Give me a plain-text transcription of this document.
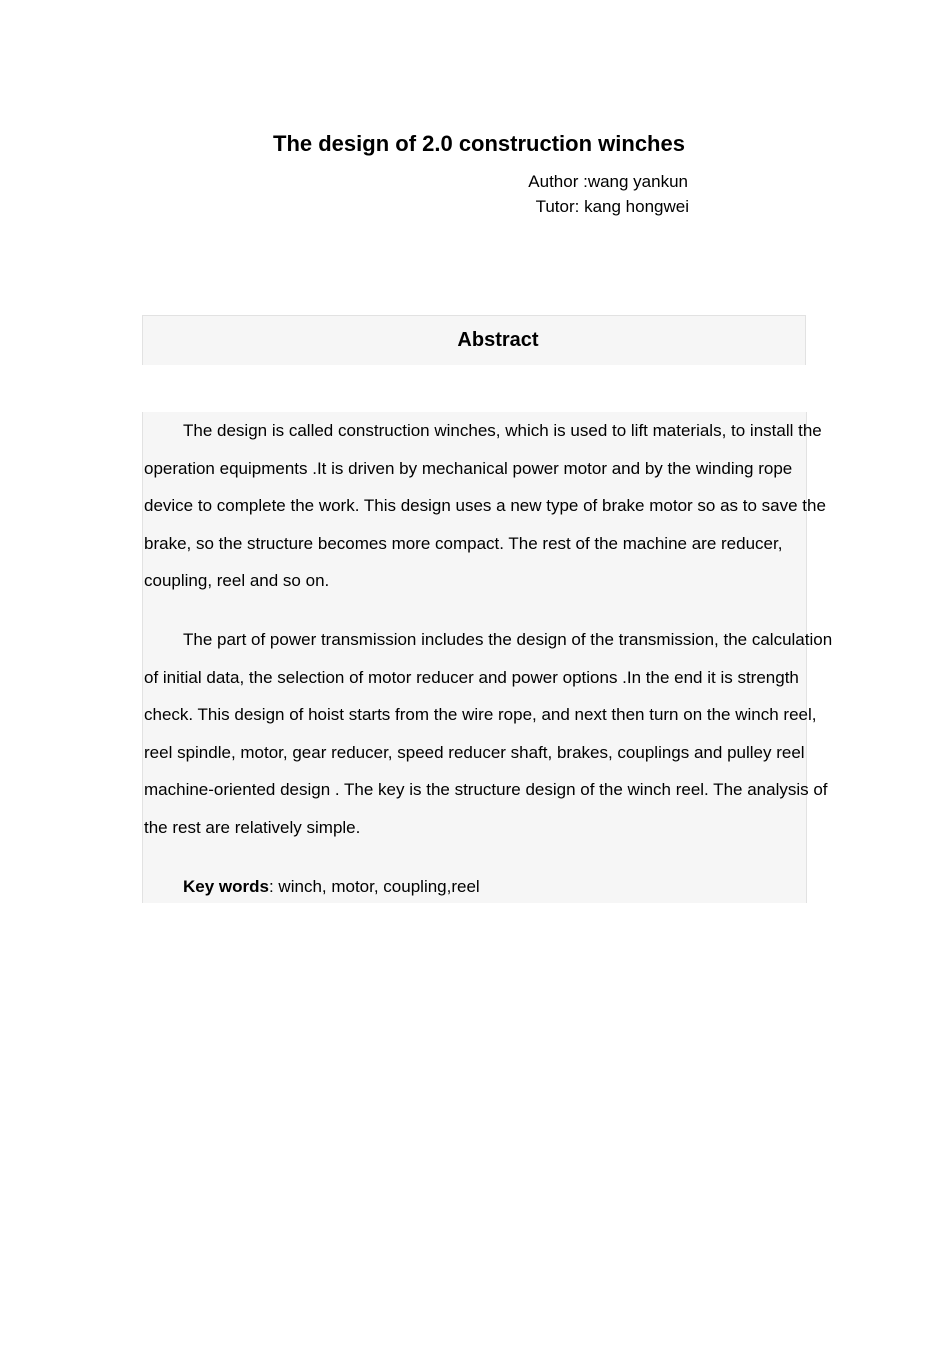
The design of 2.0 construction winches
Author :wang yankun
Tutor: kang hongwei
Abstract

The design is called construction winches, which is used to lift materials, to install the operation equipments .It is driven by mechanical power motor and by the winding rope device to complete the work. This design uses a new type of brake motor so as to save the brake, so the structure becomes more compact. The rest of the machine are reducer, coupling, reel and so on.

The part of power transmission includes the design of the transmission, the calculation of initial data, the selection of motor reducer and power options .In the end it is strength check. This design of hoist starts from the wire rope, and next then turn on the winch reel, reel spindle, motor, gear reducer, speed reducer shaft, brakes, couplings and pulley reel machine-oriented design . The key is the structure design of the winch reel. The analysis of the rest are relatively simple.

Key words: winch, motor, coupling,reel
